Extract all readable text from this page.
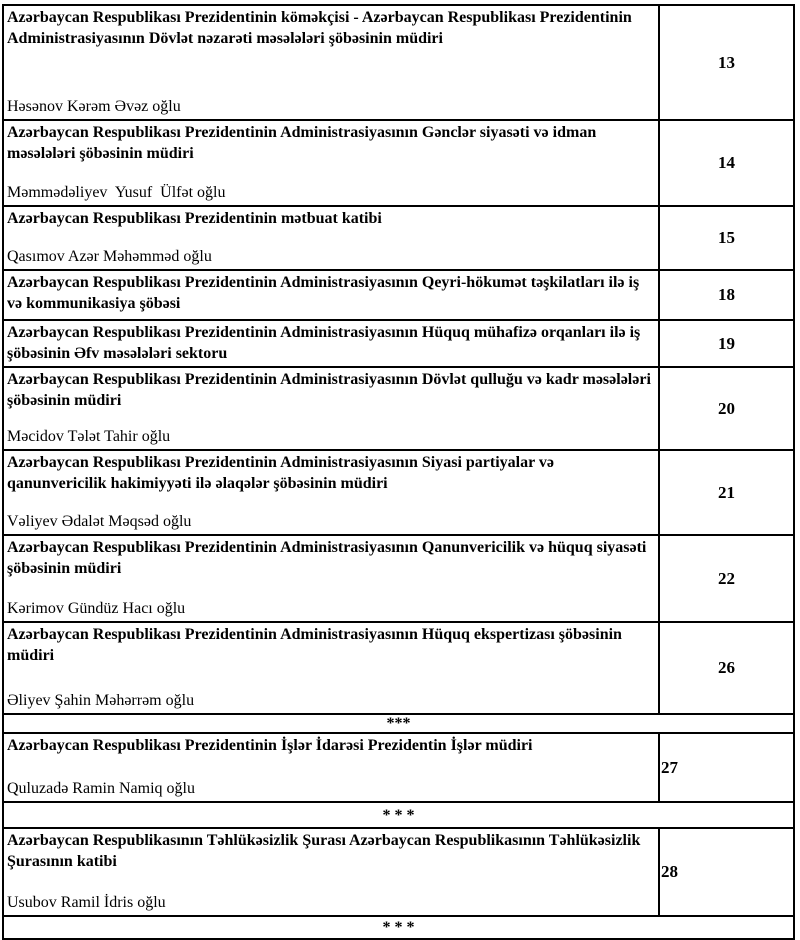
Azərbaycan Respublikası Prezidentinin köməkçisi - Azərbaycan Respublikası Prezidentinin Administrasiyasının Dövlət nəzarəti məsələləri şöbəsinin müdiri
Həsənov Kərəm Əvəz oğlu
13
Azərbaycan Respublikası Prezidentinin Administrasiyasının Gənclər siyasəti və idman məsələləri şöbəsinin müdiri
Məmmədəliyev  Yusuf  Ülfət oğlu
14
Azərbaycan Respublikası Prezidentinin mətbuat katibi
Qasımov Azər Məhəmməd oğlu
15
Azərbaycan Respublikası Prezidentinin Administrasiyasının Qeyri-hökumət təşkilatları ilə iş və kommunikasiya şöbəsi	18
Azərbaycan Respublikası Prezidentinin Administrasiyasının Hüquq mühafizə orqanları ilə iş şöbəsinin Əfv məsələləri sektoru
19
Azərbaycan Respublikası Prezidentinin Administrasiyasının Dövlət qulluğu və kadr məsələləri şöbəsinin müdiri
Məcidov Tələt Tahir oğlu
20
Azərbaycan Respublikası Prezidentinin Administrasiyasının Siyasi partiyalar və qanunvericilik hakimiyyəti ilə əlaqələr şöbəsinin müdiri
Vəliyev Ədalət Məqsəd oğlu
21
Azərbaycan Respublikası Prezidentinin Administrasiyasının Qanunvericilik və hüquq siyasəti şöbəsinin müdiri
Kərimov Gündüz Hacı oğlu
22
Azərbaycan Respublikası Prezidentinin Administrasiyasının Hüquq ekspertizası şöbəsinin müdiri
Əliyev Şahin Məhərrəm oğlu
26
***
Azərbaycan Respublikası Prezidentinin İşlər İdarəsi Prezidentin İşlər müdiri
Quluzadə Ramin Namiq oğlu
27
* * *
Azərbaycan Respublikasının Təhlükəsizlik Şurası Azərbaycan Respublikasının Təhlükəsizlik Şurasının katibi
Usubov Ramil İdris oğlu
28
* * *
